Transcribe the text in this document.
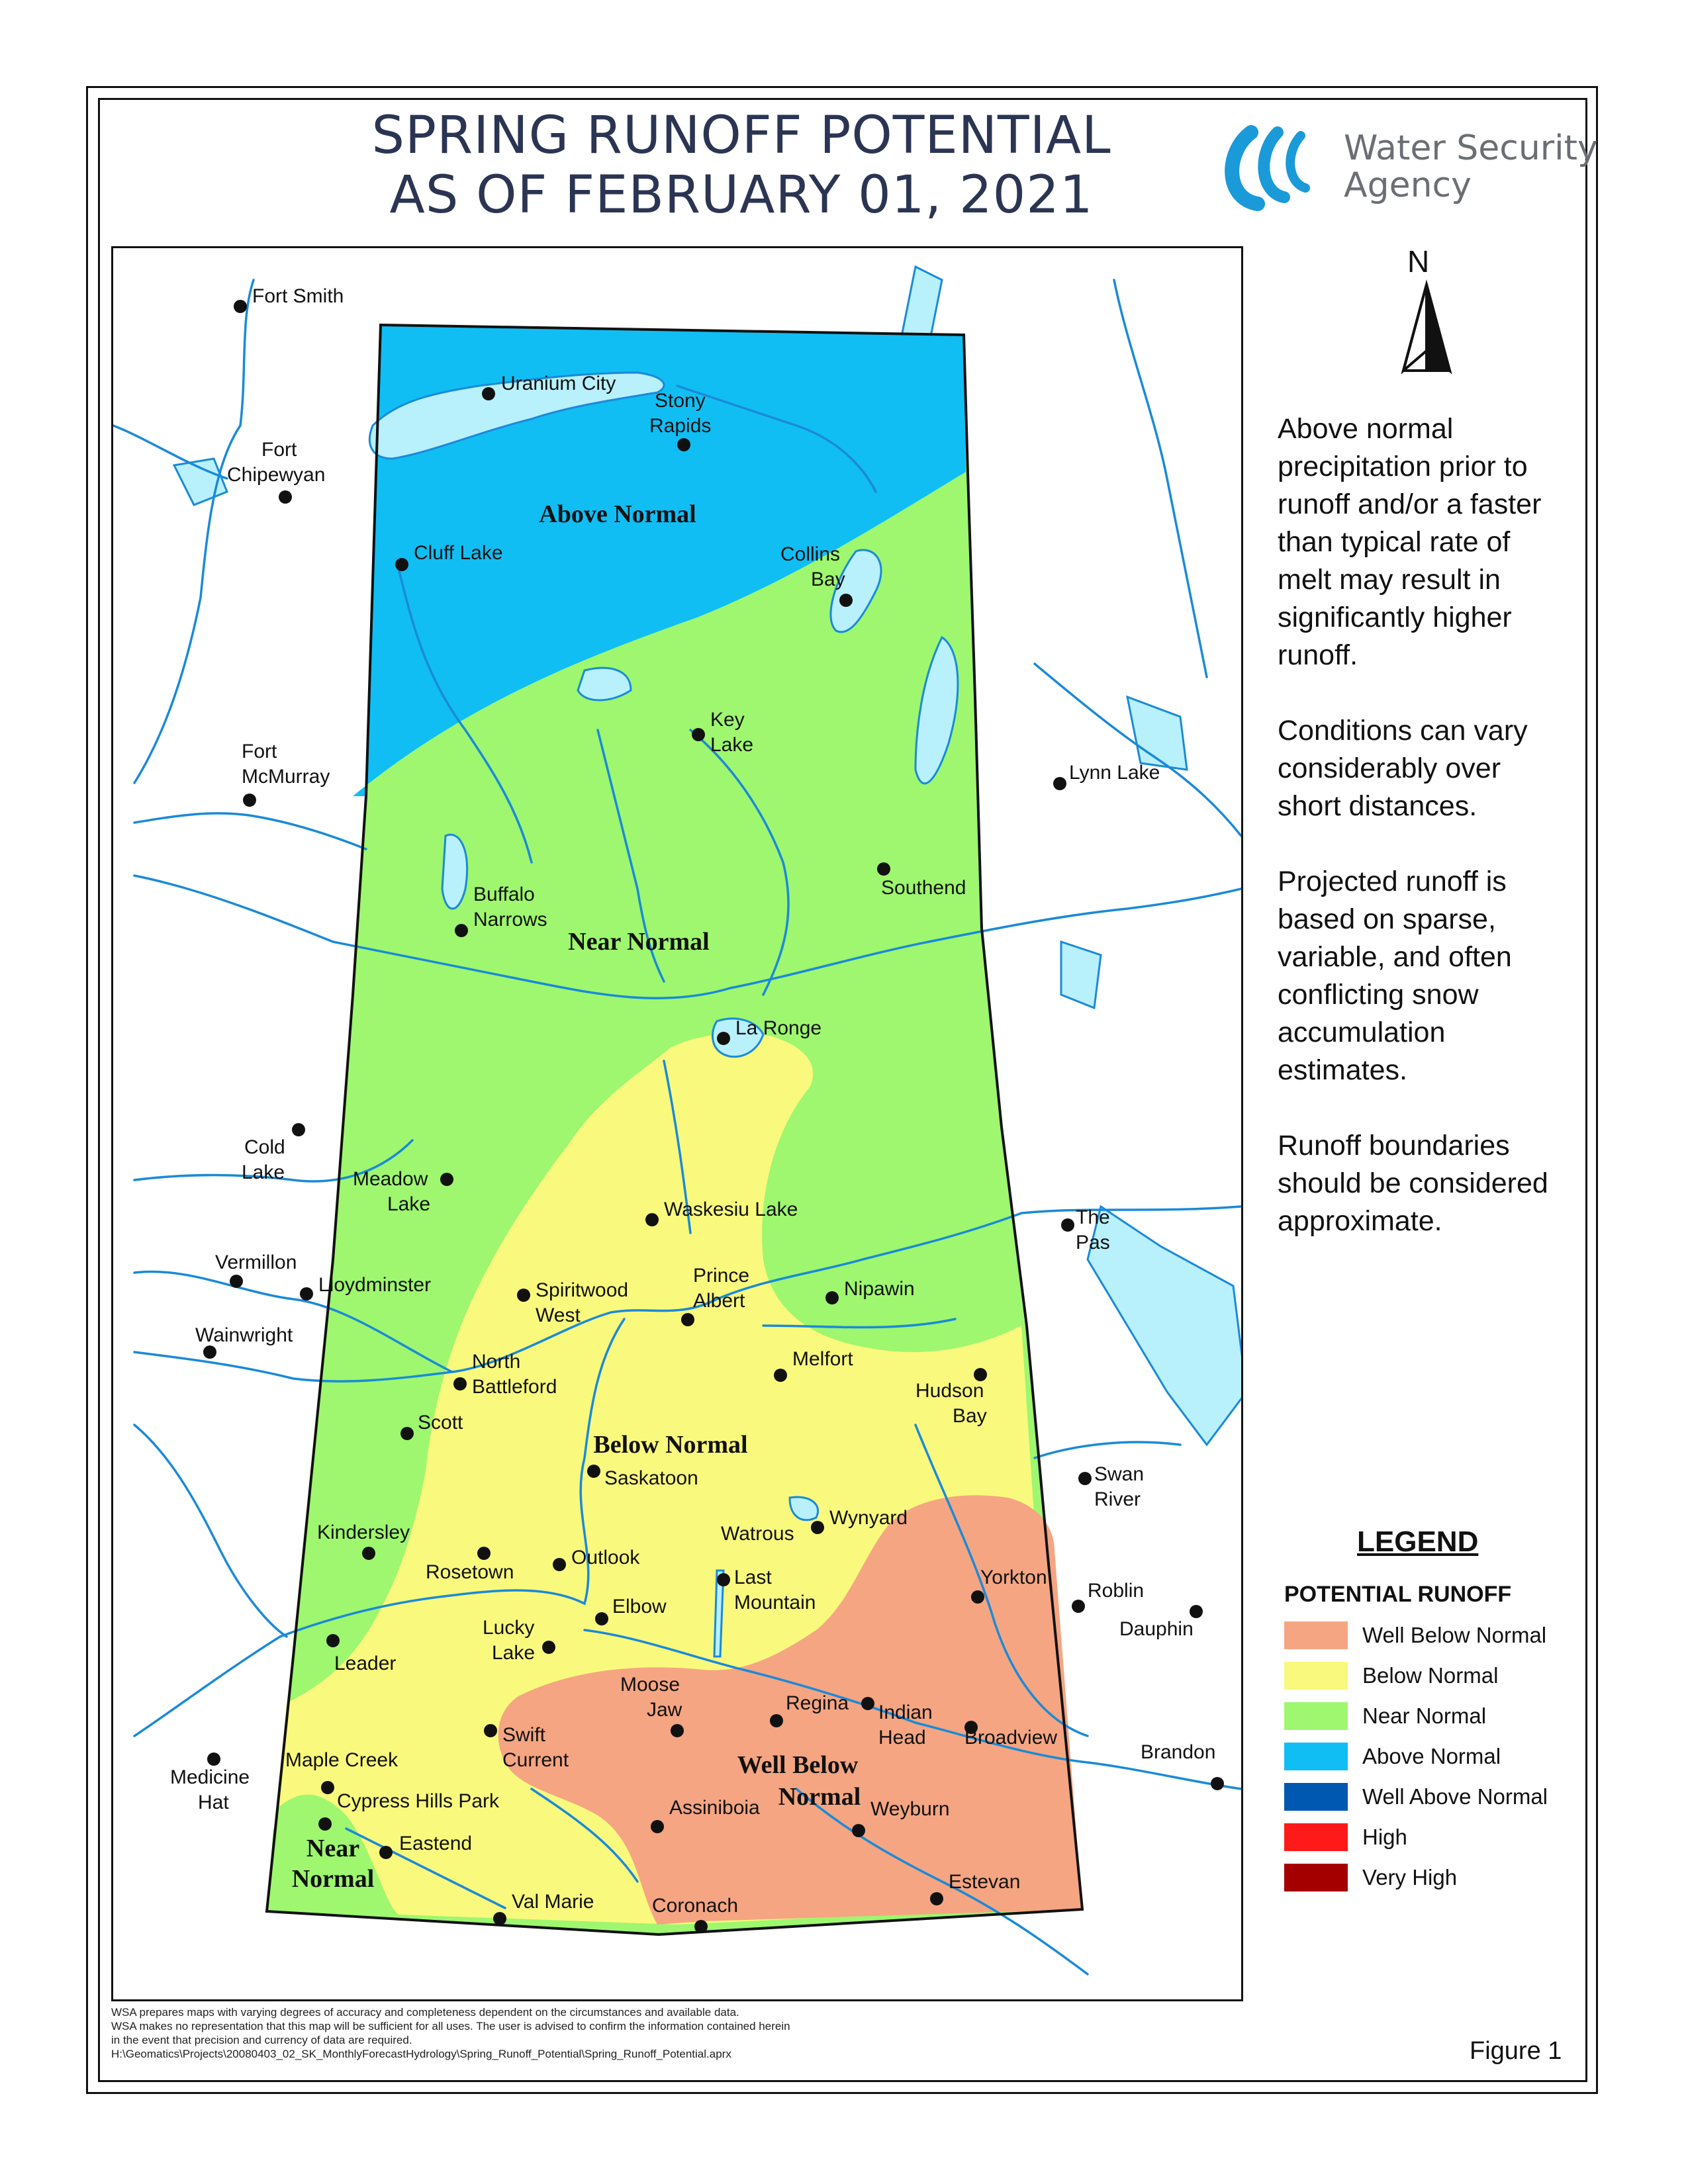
SPRING RUNOFF POTENTIAL
AS OF FEBRUARY 01, 2021
Water Security
Agency
N

Above normal precipitation prior to runoff and/or a faster than typical rate of melt may result in significantly higher runoff.

Conditions can vary considerably over short distances.

Projected runoff is based on sparse, variable, and often conflicting snow accumulation estimates.

Runoff boundaries should be considered approximate.

Above Normal
Near Normal
Below Normal
Well Below
Normal
Near
Normal
Fort Smith
Uranium City
Stony
Rapids
Fort
Chipewyan
Cluff Lake	Collins
Bay
Key
Lake
Fort
McMurray	Lynn Lake
Southend
Buffalo
Narrows
La Ronge
Cold
Lake	Meadow
Lake	Waskesiu Lake	The
Pas
Vermillon
Lloydminster	Spiritwood
West
Prince
Albert
Nipawin
Wainwright
North
Battleford
Melfort
Hudson
Bay
Scott
Saskatoon	Swan
River
Wynyard
Kindersley	Watrous
Rosetown
Outlook
Last
Mountain
Yorkton
Roblin
Dauphin
Elbow
Lucky
Lake
Leader
Moose
Jaw	Regina Indian
Head Broadview
Medicine
Hat
Maple Creek
Swift
Current	Brandon
Cypress Hills Park	Assiniboia	Weyburn
Eastend
Estevan
Val Marie	Coronach
LEGEND
POTENTIAL RUNOFF
Well Below Normal
Below Normal
Near Normal
Above Normal
Well Above Normal
High
Very High
WSA prepares maps with varying degrees of accuracy and completeness dependent on the circumstances and available data.
WSA makes no representation that this map will be sufficient for all uses. The user is advised to confirm the information contained herein
in the event that precision and currency of data are required.
H:\Geomatics\Projects\20080403_02_SK_MonthlyForecastHydrology\Spring_Runoff_Potential\Spring_Runoff_Potential.aprx	Figure 1
